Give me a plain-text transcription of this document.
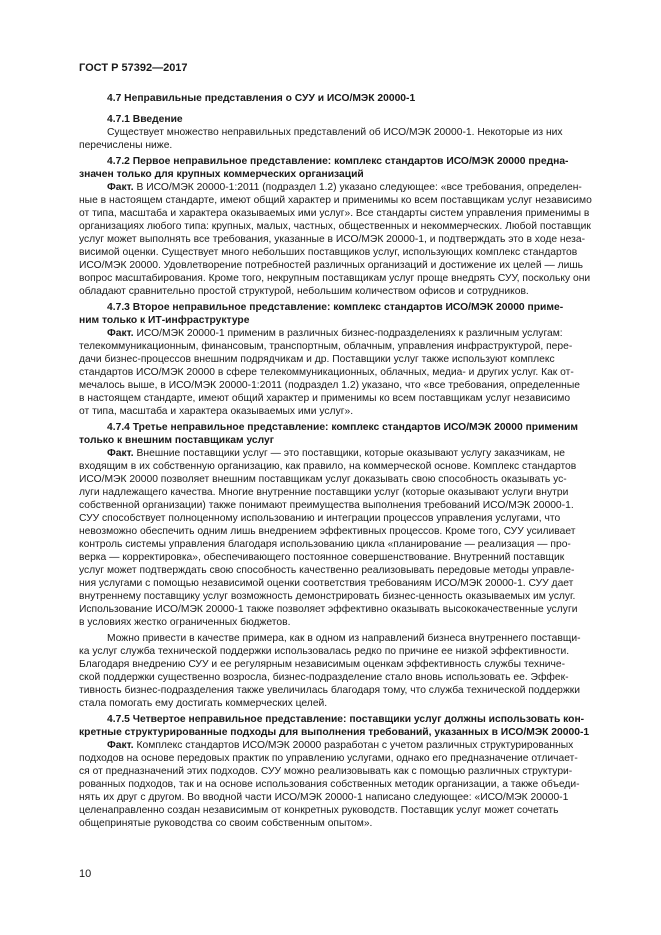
ГОСТ Р 57392—2017
4.7 Неправильные представления о СУУ и ИСО/МЭК 20000-1
4.7.1 Введение
Существует множество неправильных представлений об ИСО/МЭК 20000-1. Некоторые из них
перечислены ниже.
4.7.2 Первое неправильное представление: комплекс стандартов ИСО/МЭК 20000 предна-
значен только для крупных коммерческих организаций
Факт. В ИСО/МЭК 20000-1:2011 (подраздел 1.2) указано следующее: «все требования, определен-
ные в настоящем стандарте, имеют общий характер и применимы ко всем поставщикам услуг независимо
от типа, масштаба и характера оказываемых ими услуг». Все стандарты систем управления применимы в
организациях любого типа: крупных, малых, частных, общественных и некоммерческих. Любой поставщик
услуг может выполнять все требования, указанные в ИСО/МЭК 20000-1, и подтверждать это в ходе неза-
висимой оценки. Существует много небольших поставщиков услуг, использующих комплекс стандартов
ИСО/МЭК 20000. Удовлетворение потребностей различных организаций и достижение их целей — лишь
вопрос масштабирования. Кроме того, некрупным поставщикам услуг проще внедрять СУУ, поскольку они
обладают сравнительно простой структурой, небольшим количеством офисов и сотрудников.
4.7.3 Второе неправильное представление: комплекс стандартов ИСО/МЭК 20000 приме-
ним только к ИТ-инфраструктуре
Факт. ИСО/МЭК 20000-1 применим в различных бизнес-подразделениях к различным услугам:
телекоммуникационным, финансовым, транспортным, облачным, управления инфраструктурой, пере-
дачи бизнес-процессов внешним подрядчикам и др. Поставщики услуг также используют комплекс
стандартов ИСО/МЭК 20000 в сфере телекоммуникационных, облачных, медиа- и других услуг. Как от-
мечалось выше, в ИСО/МЭК 20000-1:2011 (подраздел 1.2) указано, что «все требования, определенные
в настоящем стандарте, имеют общий характер и применимы ко всем поставщикам услуг независимо
от типа, масштаба и характера оказываемых ими услуг».
4.7.4 Третье неправильное представление: комплекс стандартов ИСО/МЭК 20000 применим
только к внешним поставщикам услуг
Факт. Внешние поставщики услуг — это поставщики, которые оказывают услугу заказчикам, не
входящим в их собственную организацию, как правило, на коммерческой основе. Комплекс стандартов
ИСО/МЭК 20000 позволяет внешним поставщикам услуг доказывать свою способность оказывать ус-
луги надлежащего качества. Многие внутренние поставщики услуг (которые оказывают услуги внутри
собственной организации) также понимают преимущества выполнения требований ИСО/МЭК 20000-1.
СУУ способствует полноценному использованию и интеграции процессов управления услугами, что
невозможно обеспечить одним лишь внедрением эффективных процессов. Кроме того, СУУ усиливает
контроль системы управления благодаря использованию цикла «планирование — реализация — про-
верка — корректировка», обеспечивающего постоянное совершенствование. Внутренний поставщик
услуг может подтверждать свою способность качественно реализовывать передовые методы управле-
ния услугами с помощью независимой оценки соответствия требованиям ИСО/МЭК 20000-1. СУУ дает
внутреннему поставщику услуг возможность демонстрировать бизнес-ценность оказываемых им услуг.
Использование ИСО/МЭК 20000-1 также позволяет эффективно оказывать высококачественные услуги
в условиях жестко ограниченных бюджетов.
Можно привести в качестве примера, как в одном из направлений бизнеса внутреннего поставщи-
ка услуг служба технической поддержки использовалась редко по причине ее низкой эффективности.
Благодаря внедрению СУУ и ее регулярным независимым оценкам эффективность службы техниче-
ской поддержки существенно возросла, бизнес-подразделение стало вновь использовать ее. Эффек-
тивность бизнес-подразделения также увеличилась благодаря тому, что служба технической поддержки
стала помогать ему достигать коммерческих целей.
4.7.5 Четвертое неправильное представление: поставщики услуг должны использовать кон-
кретные структурированные подходы для выполнения требований, указанных в ИСО/МЭК 20000-1
Факт. Комплекс стандартов ИСО/МЭК 20000 разработан с учетом различных структурированных
подходов на основе передовых практик по управлению услугами, однако его предназначение отличает-
ся от предназначений этих подходов. СУУ можно реализовывать как с помощью различных структури-
рованных подходов, так и на основе использования собственных методик организации, а также объеди-
нять их друг с другом. Во вводной части ИСО/МЭК 20000-1 написано следующее: «ИСО/МЭК 20000-1
целенаправленно создан независимым от конкретных руководств. Поставщик услуг может сочетать
общепринятые руководства со своим собственным опытом».
10
